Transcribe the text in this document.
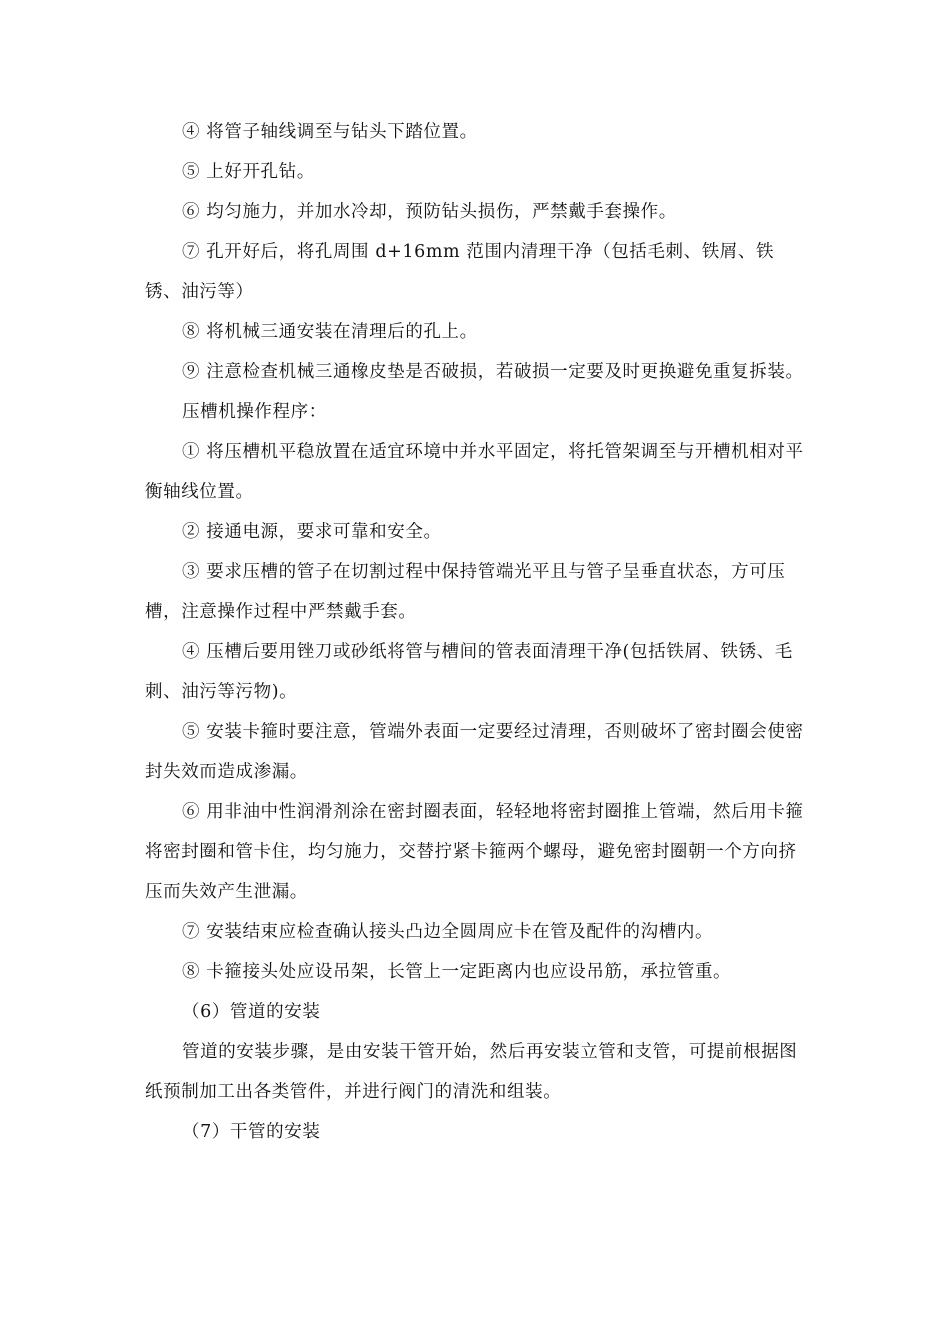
④ 将管子轴线调至与钻头下踏位置。

⑤ 上好开孔钻。

⑥ 均匀施力，并加水冷却，预防钻头损伤，严禁戴手套操作。

⑦ 孔开好后，将孔周围 d+16mm 范围内清理干净（包括毛刺、铁屑、铁锈、油污等）

⑧ 将机械三通安装在清理后的孔上。

⑨ 注意检查机械三通橡皮垫是否破损，若破损一定要及时更换避免重复拆装。

压槽机操作程序：

① 将压槽机平稳放置在适宜环境中并水平固定，将托管架调至与开槽机相对平衡轴线位置。

② 接通电源，要求可靠和安全。

③ 要求压槽的管子在切割过程中保持管端光平且与管子呈垂直状态，方可压槽，注意操作过程中严禁戴手套。

④ 压槽后要用锉刀或砂纸将管与槽间的管表面清理干净(包括铁屑、铁锈、毛刺、油污等污物)。

⑤ 安装卡箍时要注意，管端外表面一定要经过清理，否则破坏了密封圈会使密封失效而造成渗漏。

⑥ 用非油中性润滑剂涂在密封圈表面，轻轻地将密封圈推上管端，然后用卡箍将密封圈和管卡住，均匀施力，交替拧紧卡箍两个螺母，避免密封圈朝一个方向挤压而失效产生泄漏。

⑦ 安装结束应检查确认接头凸边全圆周应卡在管及配件的沟槽内。

⑧ 卡箍接头处应设吊架，长管上一定距离内也应设吊筋，承拉管重。

（6）管道的安装

管道的安装步骤，是由安装干管开始，然后再安装立管和支管，可提前根据图纸预制加工出各类管件，并进行阀门的清洗和组装。

（7）干管的安装
